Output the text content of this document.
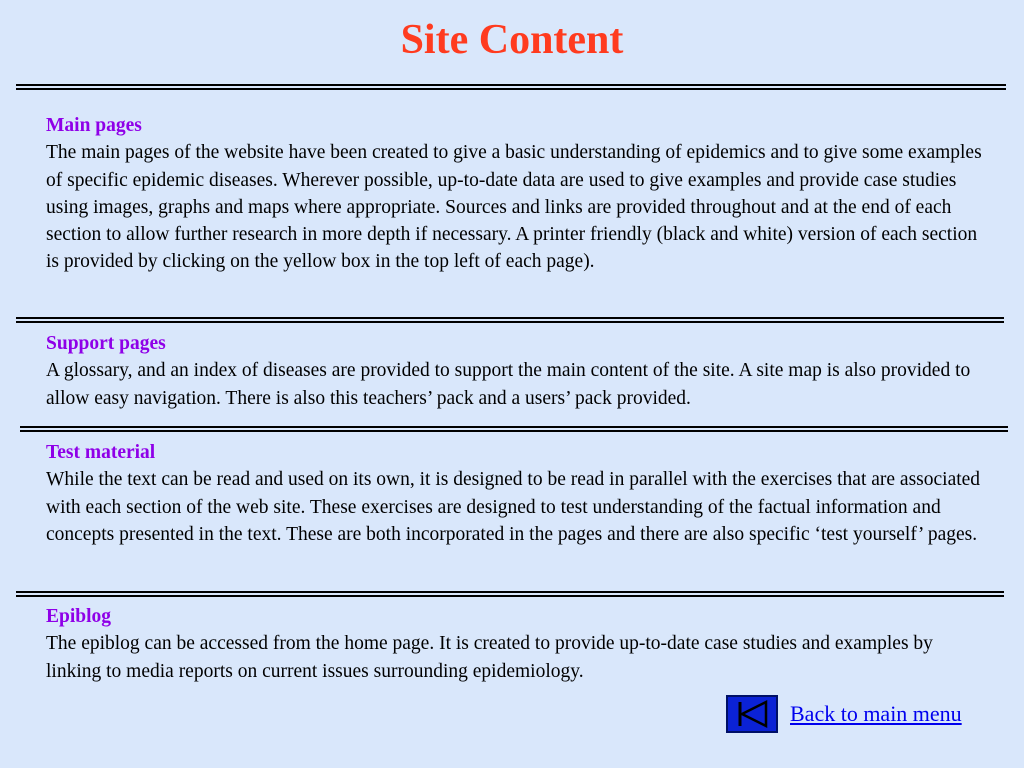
Site Content
Main pages

The main pages of the website have been created to give a basic understanding of epidemics and to give some examples of specific epidemic diseases. Wherever possible, up-to-date data are used to give examples and provide case studies using images, graphs and maps where appropriate. Sources and links are provided throughout and at the end of each section to allow further research in more depth if necessary. A printer friendly (black and white) version of each section is provided by clicking on the yellow box in the top left of each page).

Support pages

A glossary, and an index of diseases are provided to support the main content of the site. A site map is also provided to allow easy navigation. There is also this teachers’ pack and a users’ pack provided.

Test material

While the text can be read and used on its own, it is designed to be read in parallel with the exercises that are associated with each section of the web site. These exercises are designed to test understanding of the factual information and concepts presented in the text. These are both incorporated in the pages and there are also specific ‘test yourself’ pages.

Epiblog

The epiblog can be accessed from the home page. It is created to provide up-to-date case studies and examples by linking to media reports on current issues surrounding epidemiology.

Back to main menu
